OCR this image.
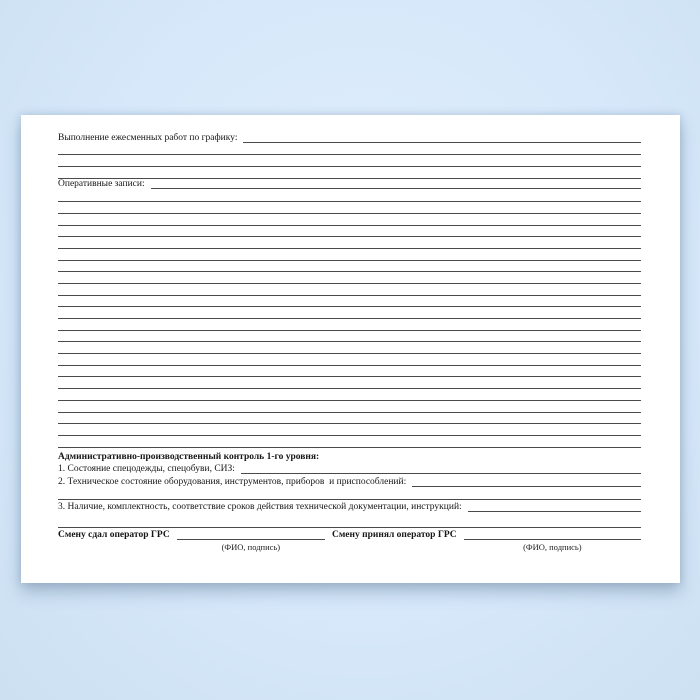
Выполнение ежесменных работ по графику:
Оперативные записи:
Административно-производственный контроль 1-го уровня:
1. Состояние спецодежды, спецобуви, СИЗ:
2. Техническое состояние оборудования, инструментов, приборов  и приспособлений:
3. Наличие, комплектность, соответствие сроков действия технической документации, инструкций:
Смену сдал оператор ГРС	Смену принял оператор ГРС
(ФИО, подпись)	(ФИО, подпись)
